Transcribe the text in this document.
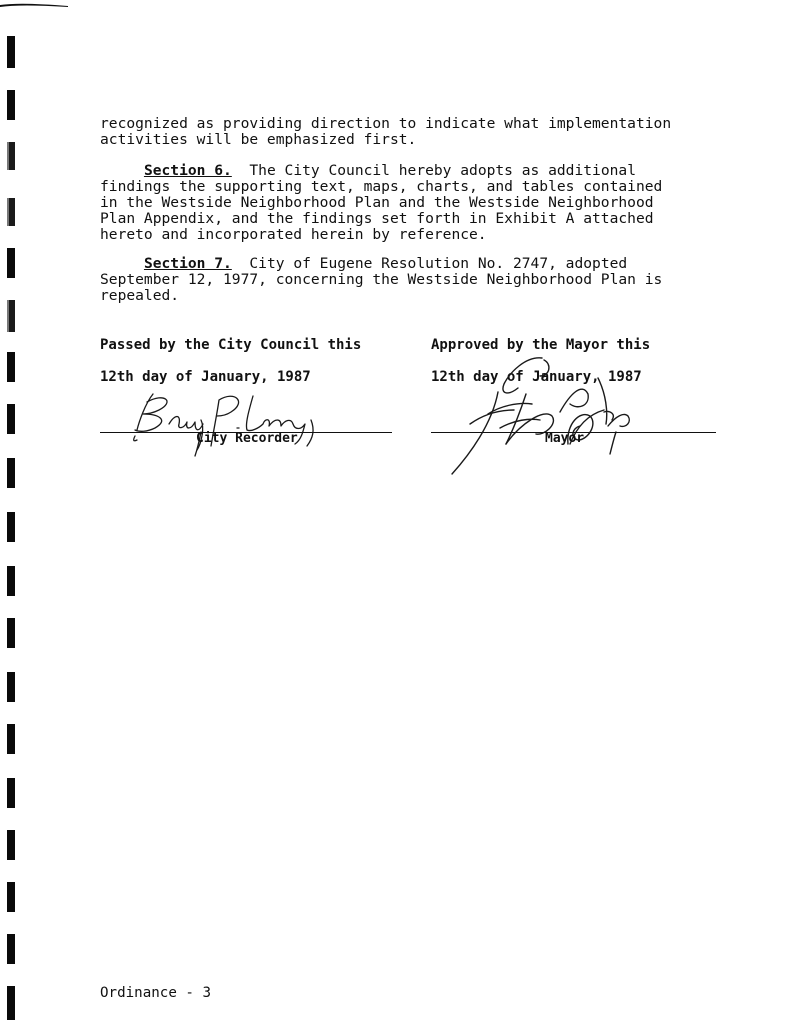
recognized as providing direction to indicate what implementation
activities will be emphasized first.
Section 6.  The City Council hereby adopts as additional
findings the supporting text, maps, charts, and tables contained
in the Westside Neighborhood Plan and the Westside Neighborhood
Plan Appendix, and the findings set forth in Exhibit A attached
hereto and incorporated herein by reference.
Section 7.  City of Eugene Resolution No. 2747, adopted
September 12, 1977, concerning the Westside Neighborhood Plan is
repealed.
Passed by the City Council this
12th day of January, 1987
City Recorder
Approved by the Mayor this
12th day of January, 1987
Mayor
Ordinance - 3
